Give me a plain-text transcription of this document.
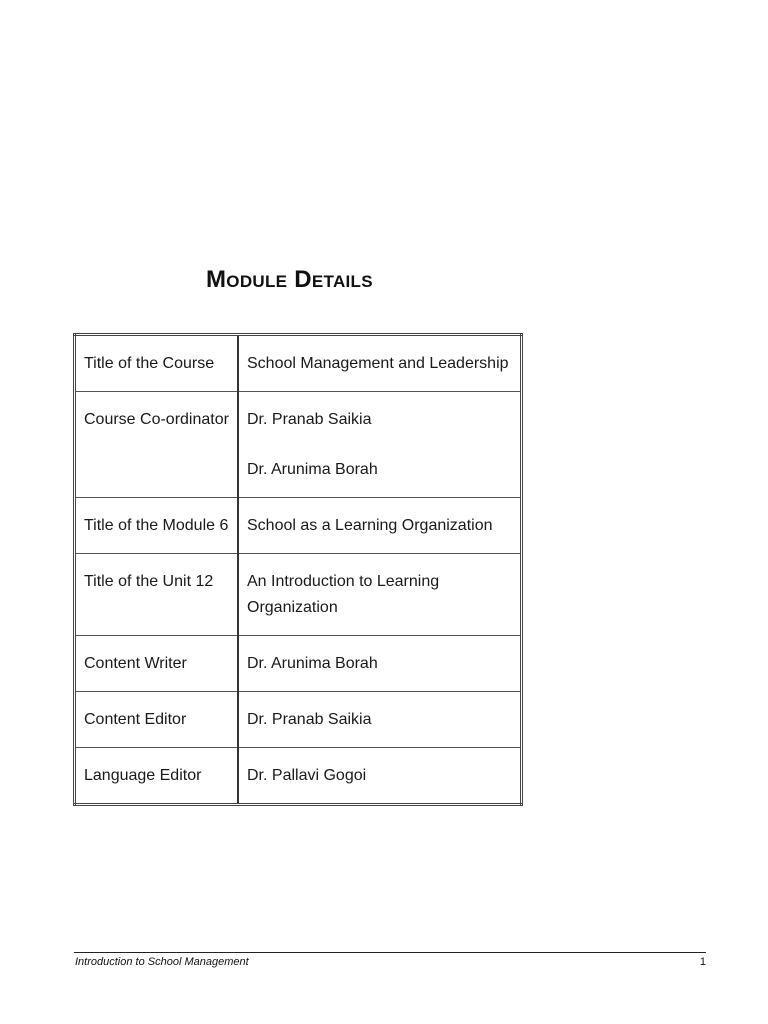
Module Details
Title of the Course	School Management and Leadership
Course Co-ordinator	Dr. Pranab Saikia
Dr. Arunima Borah

Title of the Module 6	School as a Learning Organization
Title of the Unit 12	An Introduction to Learning Organization
Content Writer	Dr. Arunima Borah
Content Editor	Dr. Pranab Saikia
Language Editor	Dr. Pallavi Gogoi
Introduction to School Management	1
